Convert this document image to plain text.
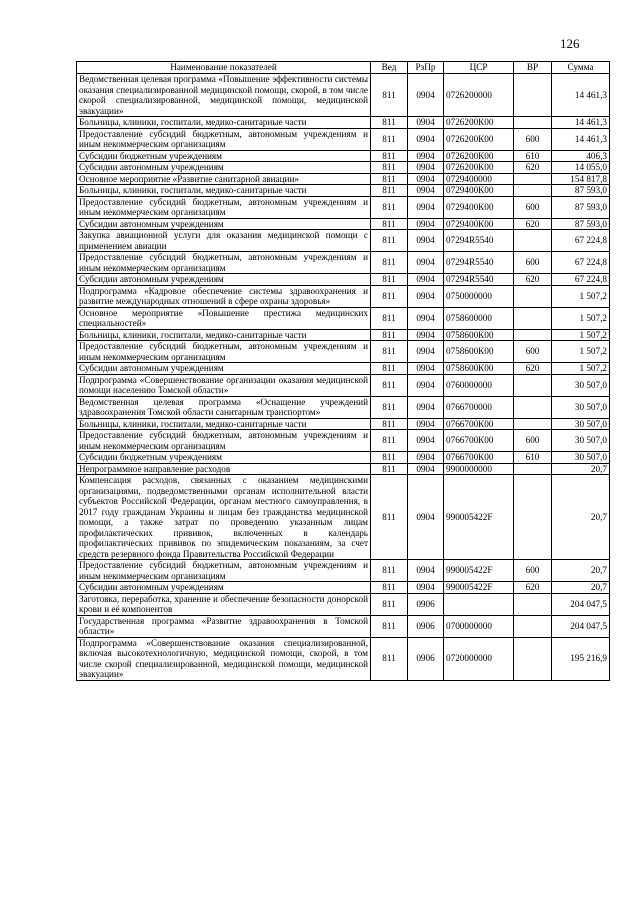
126
Наименование показателей	Вед	РзПр	ЦСР	ВР	Сумма
Ведомственная целевая программа «Повышение эффективности системы оказания специализированной медицинской помощи, скорой, в том числе скорой специализированной, медицинской помощи, медицинской эвакуации»	811	0904	0726200000		14 461,3
Больницы, клиники, госпитали, медико-санитарные части	811	0904	0726200К00		14 461,3
Предоставление субсидий бюджетным, автономным учреждениям и иным некоммерческим организациям	811	0904	0726200К00	600	14 461,3
Субсидии бюджетным учреждениям	811	0904	0726200К00	610	406,3
Субсидии автономным учреждениям	811	0904	0726200К00	620	14 055,0
Основное мероприятие «Развитие санитарной авиации»	811	0904	0729400000		154 817,8
Больницы, клиники, госпитали, медико-санитарные части	811	0904	0729400К00		87 593,0
Предоставление субсидий бюджетным, автономным учреждениям и иным некоммерческим организациям	811	0904	0729400К00	600	87 593,0
Субсидии автономным учреждениям	811	0904	0729400К00	620	87 593,0
Закупка авиационной услуги для оказания медицинской помощи с применением авиации	811	0904	07294R5540		67 224,8
Предоставление субсидий бюджетным, автономным учреждениям и иным некоммерческим организациям	811	0904	07294R5540	600	67 224,8
Субсидии автономным учреждениям	811	0904	07294R5540	620	67 224,8
Подпрограмма «Кадровое обеспечение системы здравоохранения и развитие международных отношений в сфере охраны здоровья»	811	0904	0750000000		1 507,2
Основное мероприятие «Повышение престижа медицинских специальностей»	811	0904	0758600000		1 507,2
Больницы, клиники, госпитали, медико-санитарные части	811	0904	0758600К00		1 507,2
Предоставление субсидий бюджетным, автономным учреждениям и иным некоммерческим организациям	811	0904	0758600К00	600	1 507,2
Субсидии автономным учреждениям	811	0904	0758600К00	620	1 507,2
Подпрограмма «Совершенствование организации оказания медицинской помощи населению Томской области»	811	0904	0760000000		30 507,0
Ведомственная целевая программа «Оснащение учреждений здравоохранения Томской области санитарным транспортом»	811	0904	0766700000		30 507,0
Больницы, клиники, госпитали, медико-санитарные части	811	0904	0766700К00		30 507,0
Предоставление субсидий бюджетным, автономным учреждениям и иным некоммерческим организациям	811	0904	0766700К00	600	30 507,0
Субсидии бюджетным учреждениям	811	0904	0766700К00	610	30 507,0
Непрограммное направление расходов	811	0904	9900000000		20,7
Компенсация расходов, связанных с оказанием медицинскими организациями, подведомственными органам исполнительной власти субъектов Российской Федерации, органам местного самоуправления, в 2017 году гражданам Украины и лицам без гражданства медицинской помощи, а также затрат по проведению указанным лицам профилактических прививок, включенных в календарь профилактических прививок по эпидемическим показаниям, за счет средств резервного фонда Правительства Российской Федерации	811	0904	990005422F		20,7
Предоставление субсидий бюджетным, автономным учреждениям и иным некоммерческим организациям	811	0904	990005422F	600	20,7
Субсидии автономным учреждениям	811	0904	990005422F	620	20,7
Заготовка, переработка, хранение и обеспечение безопасности донорской крови и её компонентов	811	0906			204 047,5
Государственная программа «Развитие здравоохранения в Томской области»	811	0906	0700000000		204 047,5
Подпрограмма «Совершенствование оказания специализированной, включая высокотехнологичную, медицинской помощи, скорой, в том числе скорой специализированной, медицинской помощи, медицинской эвакуации»	811	0906	0720000000		195 216,9
